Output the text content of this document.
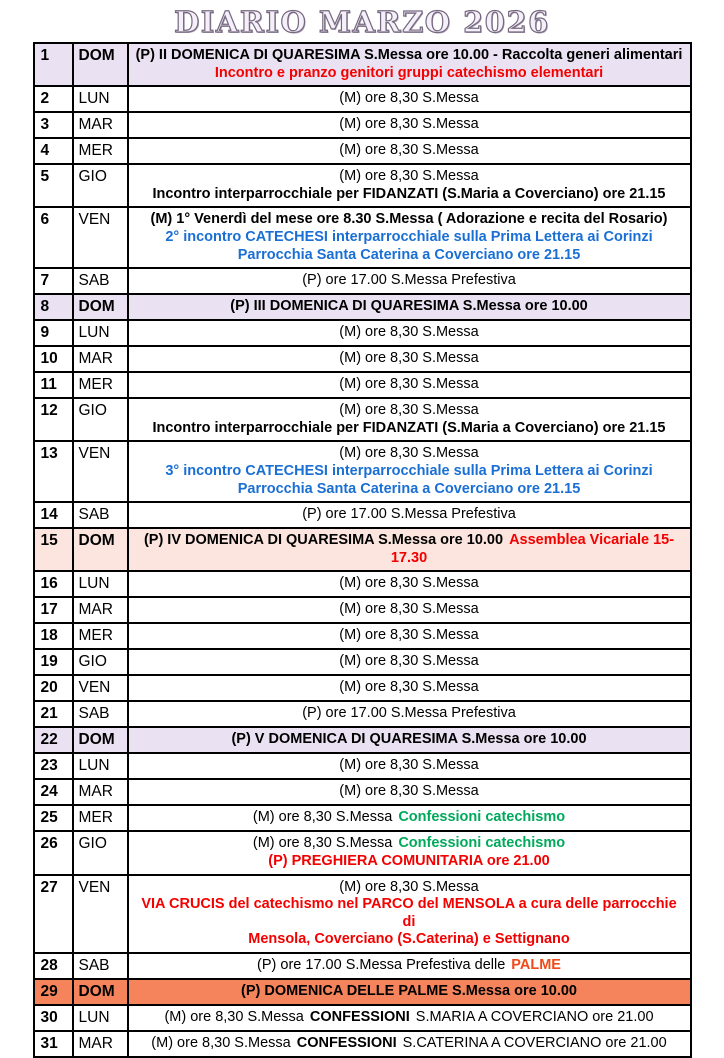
DIARIO MARZO 2026
1	DOM	(P) II DOMENICA DI QUARESIMA S.Messa ore 10.00 - Raccolta generi alimentari
Incontro e pranzo genitori gruppi catechismo elementari

2	LUN	(M) ore 8,30 S.Messa

3	MAR	(M) ore 8,30 S.Messa

4	MER	(M) ore 8,30 S.Messa

5	GIO	(M) ore 8,30 S.Messa
Incontro interparrocchiale per FIDANZATI (S.Maria a Coverciano) ore 21.15

6	VEN	(M) 1° Venerdì del mese ore 8.30 S.Messa ( Adorazione e recita del Rosario)
2° incontro CATECHESI interparrocchiale sulla Prima Lettera ai Corinzi
Parrocchia Santa Caterina a Coverciano ore 21.15

7	SAB	(P) ore 17.00 S.Messa Prefestiva

8	DOM	(P) III DOMENICA DI QUARESIMA S.Messa ore 10.00

9	LUN	(M) ore 8,30 S.Messa

10	MAR	(M) ore 8,30 S.Messa

11	MER	(M) ore 8,30 S.Messa

12	GIO	(M) ore 8,30 S.Messa
Incontro interparrocchiale per FIDANZATI (S.Maria a Coverciano) ore 21.15

13	VEN	(M) ore 8,30 S.Messa
3° incontro CATECHESI interparrocchiale sulla Prima Lettera ai Corinzi
Parrocchia Santa Caterina a Coverciano ore 21.15

14	SAB	(P) ore 17.00 S.Messa Prefestiva

15	DOM	(P) IV DOMENICA DI QUARESIMA S.Messa ore 10.00 Assemblea Vicariale 15-17.30

16	LUN	(M) ore 8,30 S.Messa

17	MAR	(M) ore 8,30 S.Messa

18	MER	(M) ore 8,30 S.Messa

19	GIO	(M) ore 8,30 S.Messa

20	VEN	(M) ore 8,30 S.Messa

21	SAB	(P) ore 17.00 S.Messa Prefestiva

22	DOM	(P) V DOMENICA DI QUARESIMA S.Messa ore 10.00

23	LUN	(M) ore 8,30 S.Messa

24	MAR	(M) ore 8,30 S.Messa

25	MER	(M) ore 8,30 S.Messa Confessioni catechismo

26	GIO	(M) ore 8,30 S.Messa Confessioni catechismo
(P) PREGHIERA COMUNITARIA ore 21.00

27	VEN	(M) ore 8,30 S.Messa
VIA CRUCIS del catechismo nel PARCO del MENSOLA a cura delle parrocchie di
Mensola, Coverciano (S.Caterina) e Settignano

28	SAB	(P) ore 17.00 S.Messa Prefestiva delle PALME

29	DOM	(P) DOMENICA DELLE PALME S.Messa ore 10.00

30	LUN	(M) ore 8,30 S.Messa CONFESSIONI S.MARIA A COVERCIANO ore 21.00

31	MAR	(M) ore 8,30 S.Messa CONFESSIONI S.CATERINA A COVERCIANO ore 21.00
